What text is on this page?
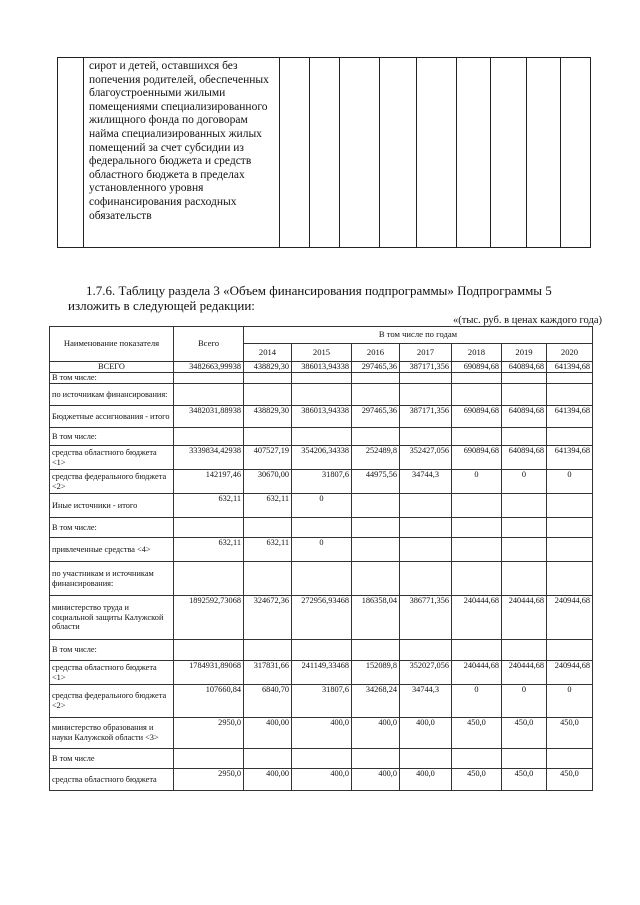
	сирот и детей, оставшихся без попечения родителей, обеспеченных благоустроенными жилыми помещениями специализированного жилищного фонда по договорам найма специализированных жилых помещений за счет субсидии из федерального бюджета и средств областного бюджета в пределах установленного уровня софинансирования расходных обязательств									
1.7.6. Таблицу раздела 3 «Объем финансирования подпрограммы» Подпрограммы 5
изложить в следующей редакции:
«(тыс. руб. в ценах каждого года)
Наименование показателя	Всего	В том числе по годам						
		2014	2015	2016	2017	2018	2019	2020
ВСЕГО	3482663,99938	438829,30	386013,94338	297465,36	387171,356	690894,68	640894,68	641394,68
В том числе:								
по источникам финансирования:								
Бюджетные ассигнования - итого	3482031,88938	438829,30	386013,94338	297465,36	387171,356	690894,68	640894,68	641394,68
В том числе:								
средства областного бюджета <1>	3339834,42938	407527,19	354206,34338	252489,8	352427,056	690894,68	640894,68	641394,68
средства федерального бюджета <2>	142197,46	30670,00	31807,6	44975,56	34744,3	0	0	0
Иные источники - итого	632,11	632,11	0					
В том числе:								
привлеченные средства <4>	632,11	632,11	0					
по участникам и источникам финансирования:								
министерство труда и социальной защиты Калужской области	1892592,73068	324672,36	272956,93468	186358,04	386771,356	240444,68	240444,68	240944,68
В том числе:								
средства областного бюджета <1>	1784931,89068	317831,66	241149,33468	152089,8	352027,056	240444,68	240444,68	240944,68
средства федерального бюджета <2>	107660,84	6840,70	31807,6	34268,24	34744,3	0	0	0
министерство образования и науки Калужской области <3>	2950,0	400,00	400,0	400,0	400,0	450,0	450,0	450,0
В том числе								
средства областного бюджета	2950,0	400,00	400,0	400,0	400,0	450,0	450,0	450,0
